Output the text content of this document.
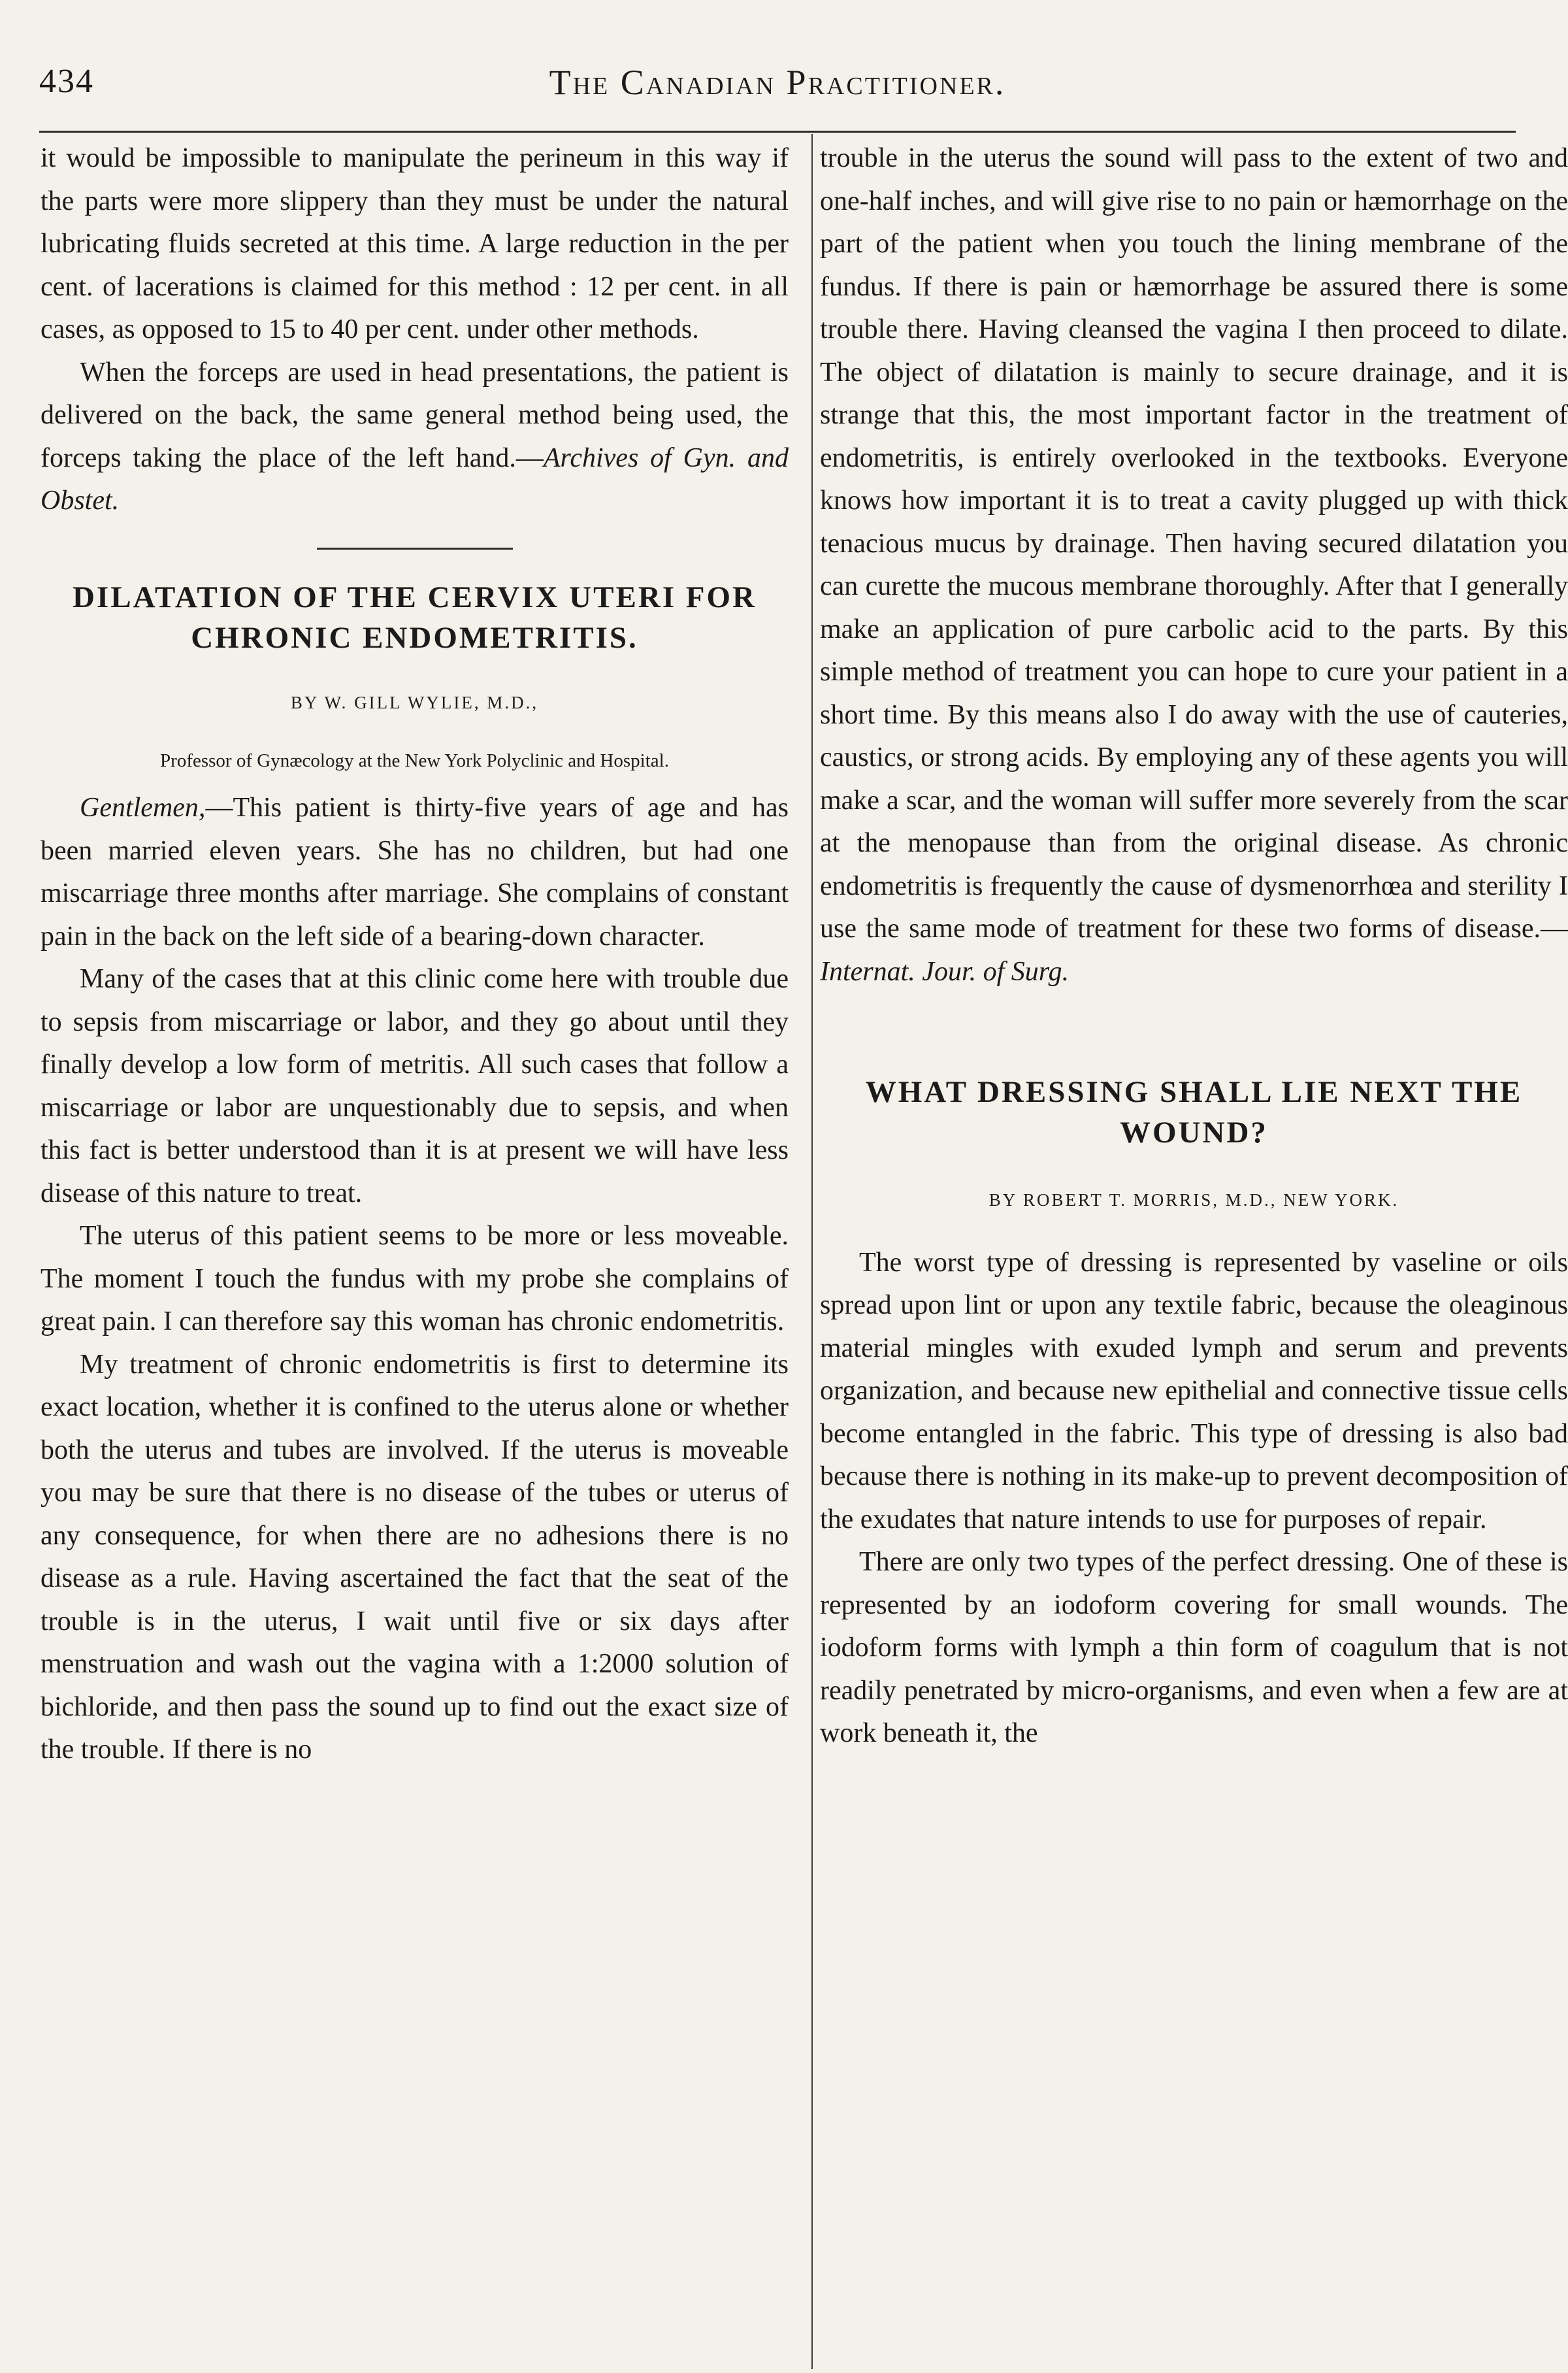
434	The Canadian Practitioner.

it would be impossible to manipulate the perineum in this way if the parts were more slippery than they must be under the natural lubricating fluids secreted at this time. A large reduction in the per cent. of lacerations is claimed for this method : 12 per cent. in all cases, as opposed to 15 to 40 per cent. under other methods.

When the forceps are used in head presentations, the patient is delivered on the back, the same general method being used, the forceps taking the place of the left hand.—Archives of Gyn. and Obstet.

DILATATION OF THE CERVIX UTERI FOR CHRONIC ENDOMETRITIS.
BY W. GILL WYLIE, M.D.,
Professor of Gynæcology at the New York Polyclinic and Hospital.

Gentlemen,—This patient is thirty-five years of age and has been married eleven years. She has no children, but had one miscarriage three months after marriage. She complains of constant pain in the back on the left side of a bearing-down character.

Many of the cases that at this clinic come here with trouble due to sepsis from miscarriage or labor, and they go about until they finally develop a low form of metritis. All such cases that follow a miscarriage or labor are unquestionably due to sepsis, and when this fact is better understood than it is at present we will have less disease of this nature to treat.

The uterus of this patient seems to be more or less moveable. The moment I touch the fundus with my probe she complains of great pain. I can therefore say this woman has chronic endometritis.

My treatment of chronic endometritis is first to determine its exact location, whether it is confined to the uterus alone or whether both the uterus and tubes are involved. If the uterus is moveable you may be sure that there is no disease of the tubes or uterus of any consequence, for when there are no adhesions there is no disease as a rule. Having ascertained the fact that the seat of the trouble is in the uterus, I wait until five or six days after menstruation and wash out the vagina with a 1:2000 solution of bichloride, and then pass the sound up to find out the exact size of the trouble. If there is no

trouble in the uterus the sound will pass to the extent of two and one-half inches, and will give rise to no pain or hæmorrhage on the part of the patient when you touch the lining membrane of the fundus. If there is pain or hæmorrhage be assured there is some trouble there. Having cleansed the vagina I then proceed to dilate. The object of dilatation is mainly to secure drainage, and it is strange that this, the most important factor in the treatment of endometritis, is entirely overlooked in the textbooks. Everyone knows how important it is to treat a cavity plugged up with thick tenacious mucus by drainage. Then having secured dilatation you can curette the mucous membrane thoroughly. After that I generally make an application of pure carbolic acid to the parts. By this simple method of treatment you can hope to cure your patient in a short time. By this means also I do away with the use of cauteries, caustics, or strong acids. By employing any of these agents you will make a scar, and the woman will suffer more severely from the scar at the menopause than from the original disease. As chronic endometritis is frequently the cause of dysmenorrhœa and sterility I use the same mode of treatment for these two forms of disease.—Internat. Jour. of Surg.

WHAT DRESSING SHALL LIE NEXT THE WOUND?
BY ROBERT T. MORRIS, M.D., NEW YORK.

The worst type of dressing is represented by vaseline or oils spread upon lint or upon any textile fabric, because the oleaginous material mingles with exuded lymph and serum and prevents organization, and because new epithelial and connective tissue cells become entangled in the fabric. This type of dressing is also bad because there is nothing in its make-up to prevent decomposition of the exudates that nature intends to use for purposes of repair.

There are only two types of the perfect dressing. One of these is represented by an iodoform covering for small wounds. The iodoform forms with lymph a thin form of coagulum that is not readily penetrated by micro-organisms, and even when a few are at work beneath it, the
